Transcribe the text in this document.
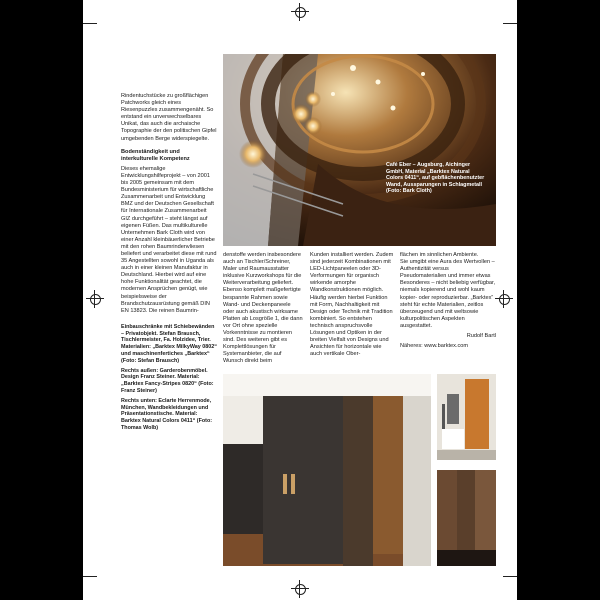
Rindentuchstücke zu großflächigen Patchworks gleich eines Riesenpuzzles zusammengenäht. So entstand ein unverwechselbares Unikat, das auch die archaische Topographie der den politischen Gipfel umgebenden Berge widerspiegelte.

Bodenständigkeit und interkulturelle Kompetenz

Dieses ehemalige Entwicklungshilfeprojekt – von 2001 bis 2005 gemeinsam mit dem Bundesministerium für wirtschaftliche Zusammenarbeit und Entwicklung BMZ und der Deutschen Gesellschaft für Internationale Zusammenarbeit GIZ durchgeführt – steht längst auf eigenen Füßen. Das multikulturelle Unternehmen Bark Cloth wird von einer Anzahl kleinbäuerlicher Betriebe mit den rohen Baumrindenvliesen beliefert und verarbeitet diese mit rund 35 Angestellten sowohl in Uganda als auch in einer kleinen Manufaktur in Deutschland. Hierbei wird auf eine hohe Funktionalität geachtet, die modernen Ansprüchen genügt, wie beispielsweise der Brandschutzausrüstung gemäß DIN EN 13823. Die reinen Baumrin-

Einbauschränke mit Schiebewänden – Privatobjekt. Stefan Brausch, Tischlermeister, Fa. Holzidee, Trier. Materialien: „Barktex MilkyWay 0802“ und maschinenfertiches „Barktex“ (Foto: Stefan Brausch)

Rechts außen: Garderobenmöbel. Design Franz Steiner. Material: „Barktex Fancy-Stripes 0820“ (Foto: Franz Steiner)

Rechts unten: Eclarte Herrenmode, München, Wandbekleidungen und Präsentationstische. Material: Barktex Natural Colors 0411“ (Foto: Thomas Wolb)

Café Eber – Augsburg, Aichinger GmbH, Material „Barktex Natural Colors 0411“, auf gebflächenbenutzter Wand, Aussparungen in Schlagmetall (Foto: Bark Cloth)

denstoffe werden insbesondere auch an Tischler/Schreiner, Maler und Raumausstatter inklusive Kurzworkshops für die Weiterverarbeitung geliefert. Ebenso komplett maßgefertigte bespannte Rahmen sowie Wand- und Deckenpaneele oder auch akustisch wirksame Platten ab Losgröße 1, die dann vor Ort ohne spezielle Vorkenntnisse zu montieren sind. Des weiteren gibt es Komplettlösungen für Systemanbieter, die auf Wunsch direkt beim

Kunden installiert werden. Zudem sind jederzeit Kombinationen mit LED-Lichtpaneelen oder 3D-Verformungen für organisch wirkende amorphe Wandkonstruktionen möglich. Häufig werden hierbei Funktion mit Form, Nachhaltigkeit mit Design oder Technik mit Tradition kombiniert. So entstehen technisch anspruchsvolle Lösungen und Optiken in der breiten Vielfalt von Designs und Ansichten für horizontale wie auch vertikale Ober-

flächen im sinnlichen Ambiente.
Sie umgibt eine Aura des Wertvollen – Authentizität versus Pseudomaterialien und immer etwas Besonderes – nicht beliebig verfügbar, niemals kopierend und wohl kaum kopier- oder reproduzierbar. „Barktex“ steht für echte Materialien, zeitlos überzeugend und mit weltsowie kulturpolitischen Aspekten ausgestattet.

Rudolf Bartl

Näheres: www.barktex.com
